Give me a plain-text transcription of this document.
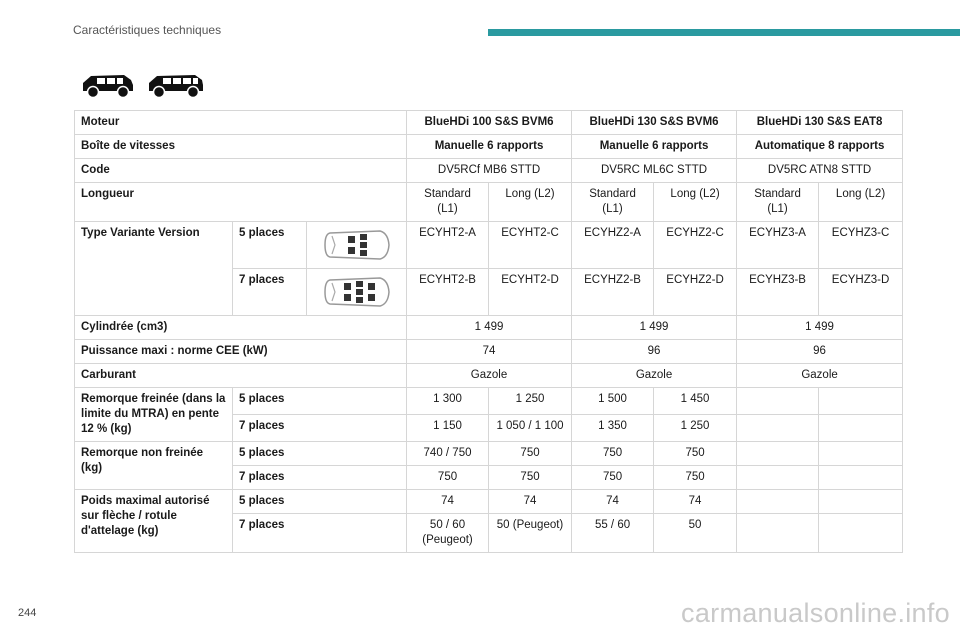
Caractéristiques techniques
Moteur			BlueHDi 100 S&S BVM6		BlueHDi 130 S&S BVM6		BlueHDi 130 S&S EAT8	
Boîte de vitesses			Manuelle 6 rapports		Manuelle 6 rapports		Automatique 8 rapports	
Code			DV5RCf MB6 STTD		DV5RC ML6C STTD		DV5RC ATN8 STTD	
Longueur			Standard (L1)	Long (L2)	Standard (L1)	Long (L2)	Standard (L1)	Long (L2)
Type Variante Version	5 places		ECYHT2-A	ECYHT2-C	ECYHZ2-A	ECYHZ2-C	ECYHZ3-A	ECYHZ3-C
	7 places		ECYHT2-B	ECYHT2-D	ECYHZ2-B	ECYHZ2-D	ECYHZ3-B	ECYHZ3-D
Cylindrée (cm3)			1 499		1 499		1 499	
Puissance maxi : norme CEE (kW)			74		96		96	
Carburant			Gazole		Gazole		Gazole	
Remorque freinée (dans la limite du MTRA) en pente 12 % (kg)	5 places		1 300	1 250	1 500	1 450		
	7 places		1 150	1 050 / 1 100	1 350	1 250		
Remorque non freinée (kg)	5 places		740 / 750	750	750	750		
	7 places		750	750	750	750		
Poids maximal autorisé sur flèche / rotule d'attelage (kg)	5 places		74	74	74	74		
	7 places		50 / 60 (Peugeot)	50 (Peugeot)	55 / 60	50		
244	carmanualsonline.info
